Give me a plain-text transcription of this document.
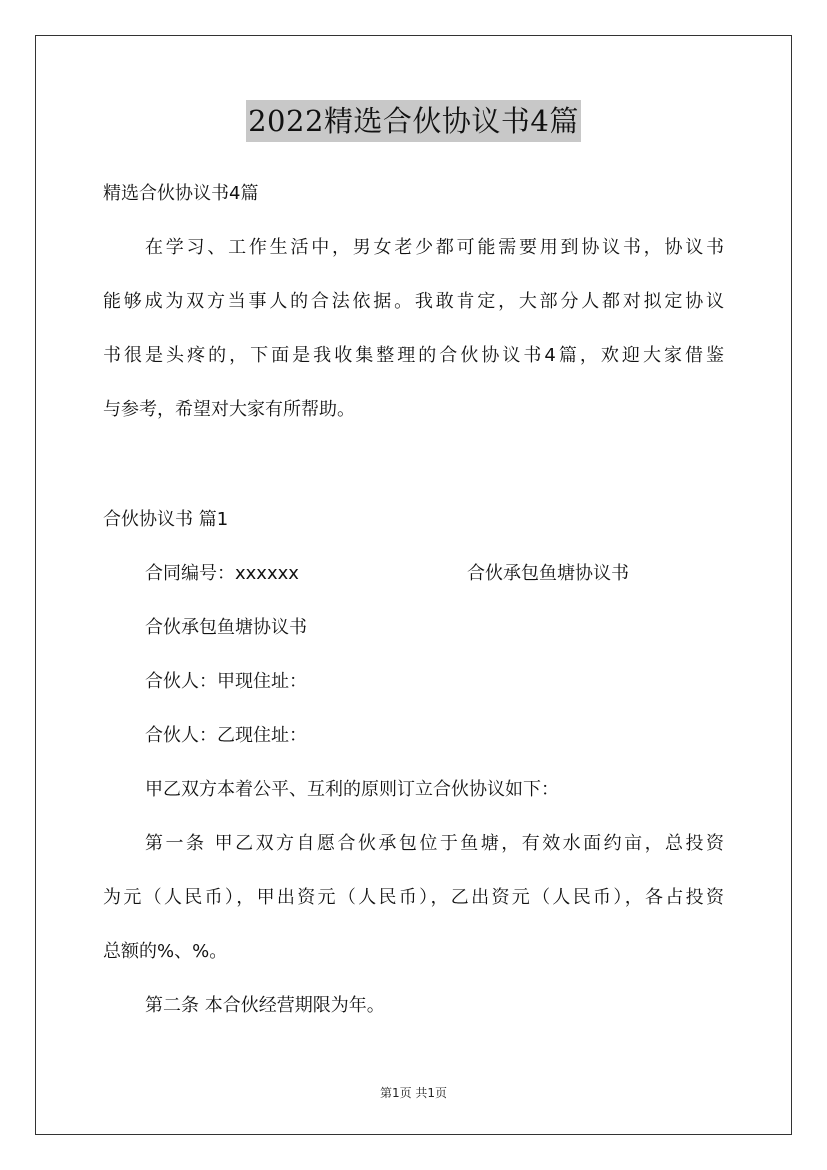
2022精选合伙协议书4篇
精选合伙协议书4篇
在学习、工作生活中，男女老少都可能需要用到协议书，协议书
能够成为双方当事人的合法依据。我敢肯定，大部分人都对拟定协议
书很是头疼的，下面是我收集整理的合伙协议书4篇，欢迎大家借鉴
与参考，希望对大家有所帮助。
合伙协议书 篇1
合同编号：xxxxxx	合伙承包鱼塘协议书
合伙承包鱼塘协议书
合伙人：甲现住址：
合伙人：乙现住址：
甲乙双方本着公平、互利的原则订立合伙协议如下：
第一条 甲乙双方自愿合伙承包位于鱼塘，有效水面约亩，总投资
为元（人民币），甲出资元（人民币），乙出资元（人民币），各占投资
总额的%、%。
第二条 本合伙经营期限为年。
第1页 共1页
